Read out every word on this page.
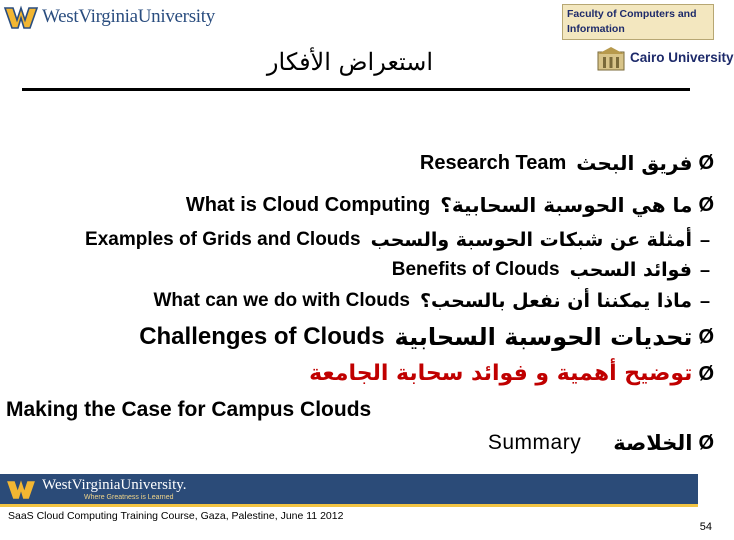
WestVirginiaUniversity	Faculty of Computers and Information
Cairo University
استعراض الأفكار
Ø
فريق البحث
Research Team
Ø
ما هي الحوسبة السحابية؟
What is Cloud Computing
–
أمثلة عن شبكات الحوسبة والسحب
Examples of Grids and Clouds
–
فوائد السحب
Benefits of Clouds
–
ماذا يمكننا أن نفعل بالسحب؟
What can we do with Clouds
Ø
تحديات الحوسبة السحابية
Challenges of Clouds
Ø
توضيح أهمية و فوائد سحابة الجامعة
Making the Case for Campus Clouds
Ø
الخلاصة
Summary
WestVirginiaUniversity.
Where Greatness is Learned
SaaS Cloud Computing Training Course, Gaza, Palestine, June 11 2012
54
